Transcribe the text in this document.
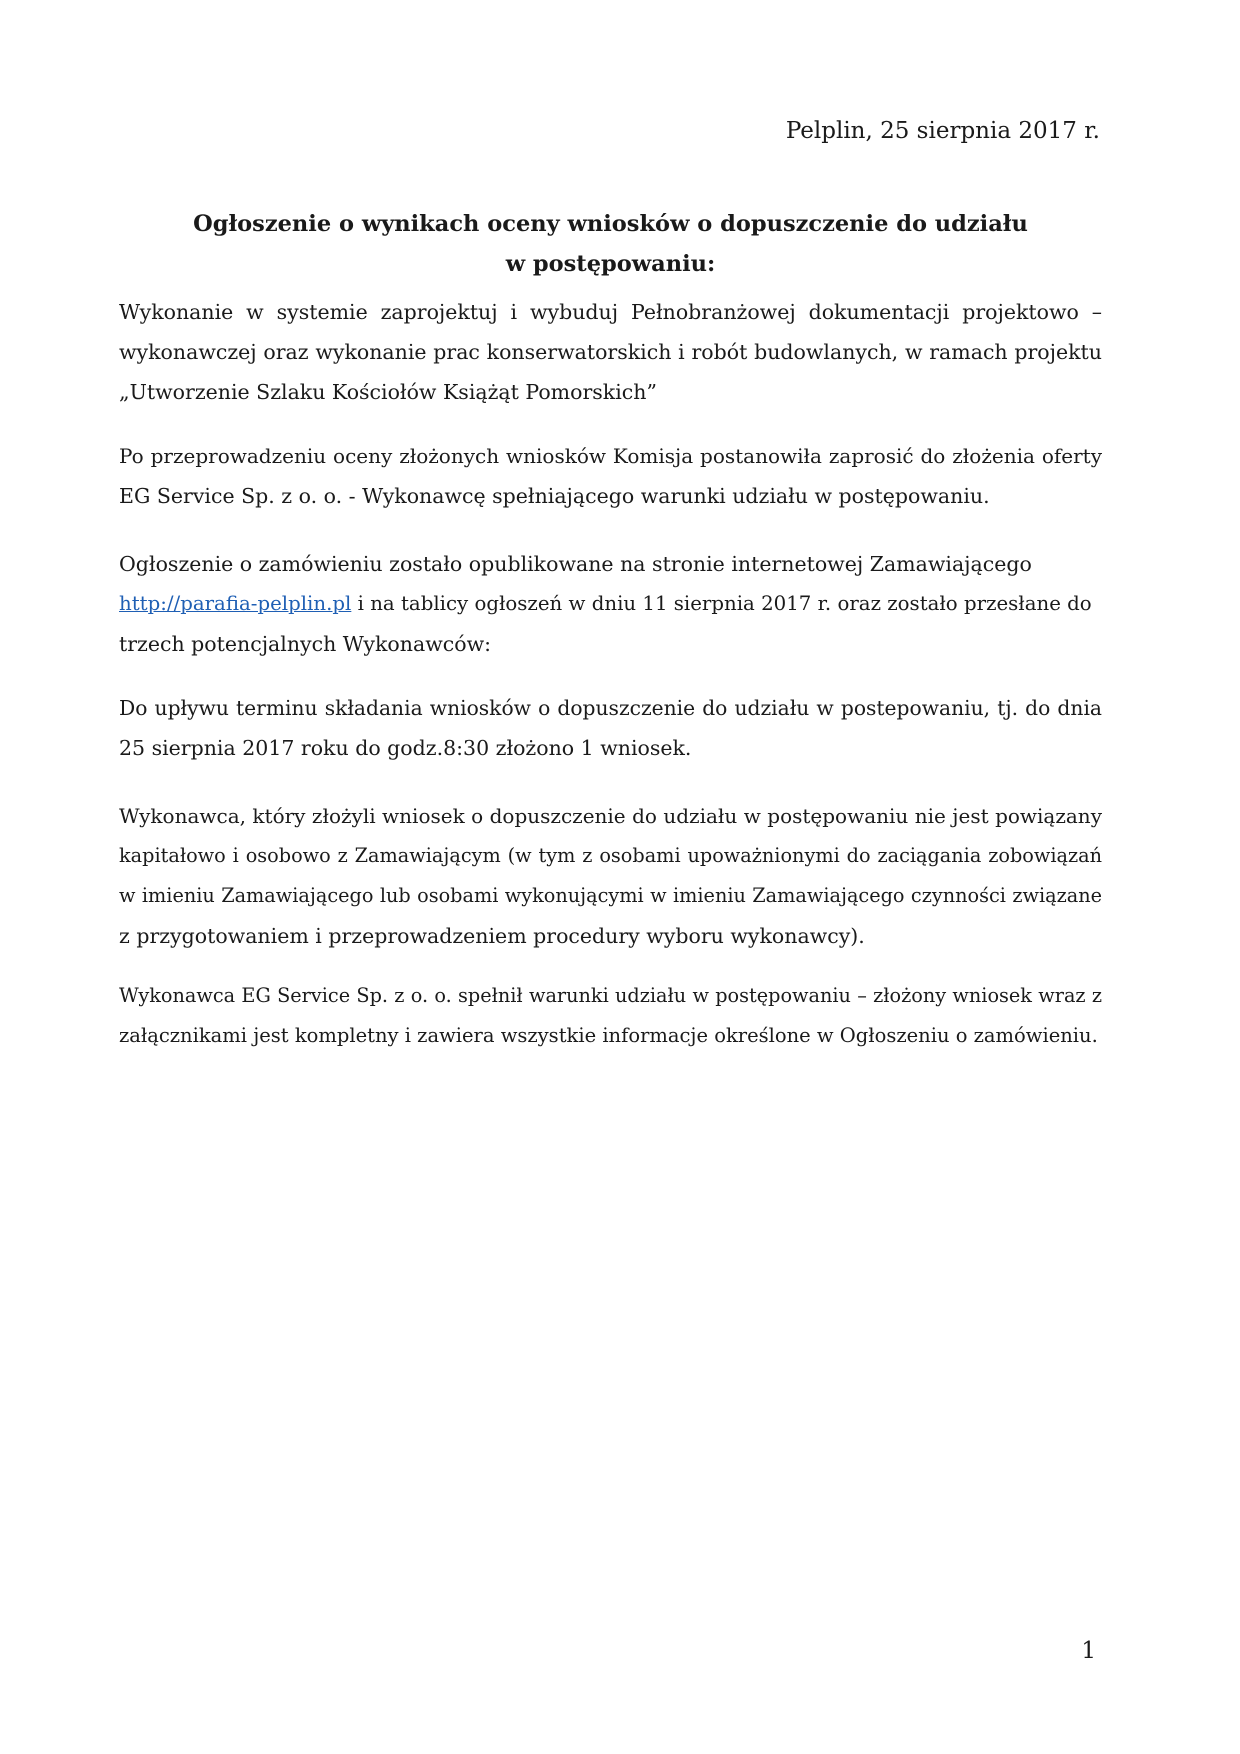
Pelplin, 25 sierpnia 2017 r.
Ogłoszenie o wynikach oceny wniosków o dopuszczenie do udziału
w postępowaniu:
Wykonanie w systemie zaprojektuj i wybuduj Pełnobranżowej dokumentacji projektowo –
wykonawczej oraz wykonanie prac konserwatorskich i robót budowlanych, w ramach projektu
„Utworzenie Szlaku Kościołów Książąt Pomorskich”
Po przeprowadzeniu oceny złożonych wniosków Komisja postanowiła zaprosić do złożenia oferty
EG Service Sp. z o. o. - Wykonawcę spełniającego warunki udziału w postępowaniu.
Ogłoszenie o zamówieniu zostało opublikowane na stronie internetowej Zamawiającego
http://parafia-pelplin.pl i na tablicy ogłoszeń w dniu 11 sierpnia 2017 r. oraz zostało przesłane do
trzech potencjalnych Wykonawców:
Do upływu terminu składania wniosków o dopuszczenie do udziału w postepowaniu, tj. do dnia
25 sierpnia 2017 roku do godz.8:30 złożono 1 wniosek.
Wykonawca, który złożyli wniosek o dopuszczenie do udziału w postępowaniu nie jest powiązany
kapitałowo i osobowo z Zamawiającym (w tym z osobami upoważnionymi do zaciągania zobowiązań
w imieniu Zamawiającego lub osobami wykonującymi w imieniu Zamawiającego czynności związane
z przygotowaniem i przeprowadzeniem procedury wyboru wykonawcy).
Wykonawca EG Service Sp. z o. o. spełnił warunki udziału w postępowaniu – złożony wniosek wraz z
załącznikami jest kompletny i zawiera wszystkie informacje określone w Ogłoszeniu o zamówieniu.
1
